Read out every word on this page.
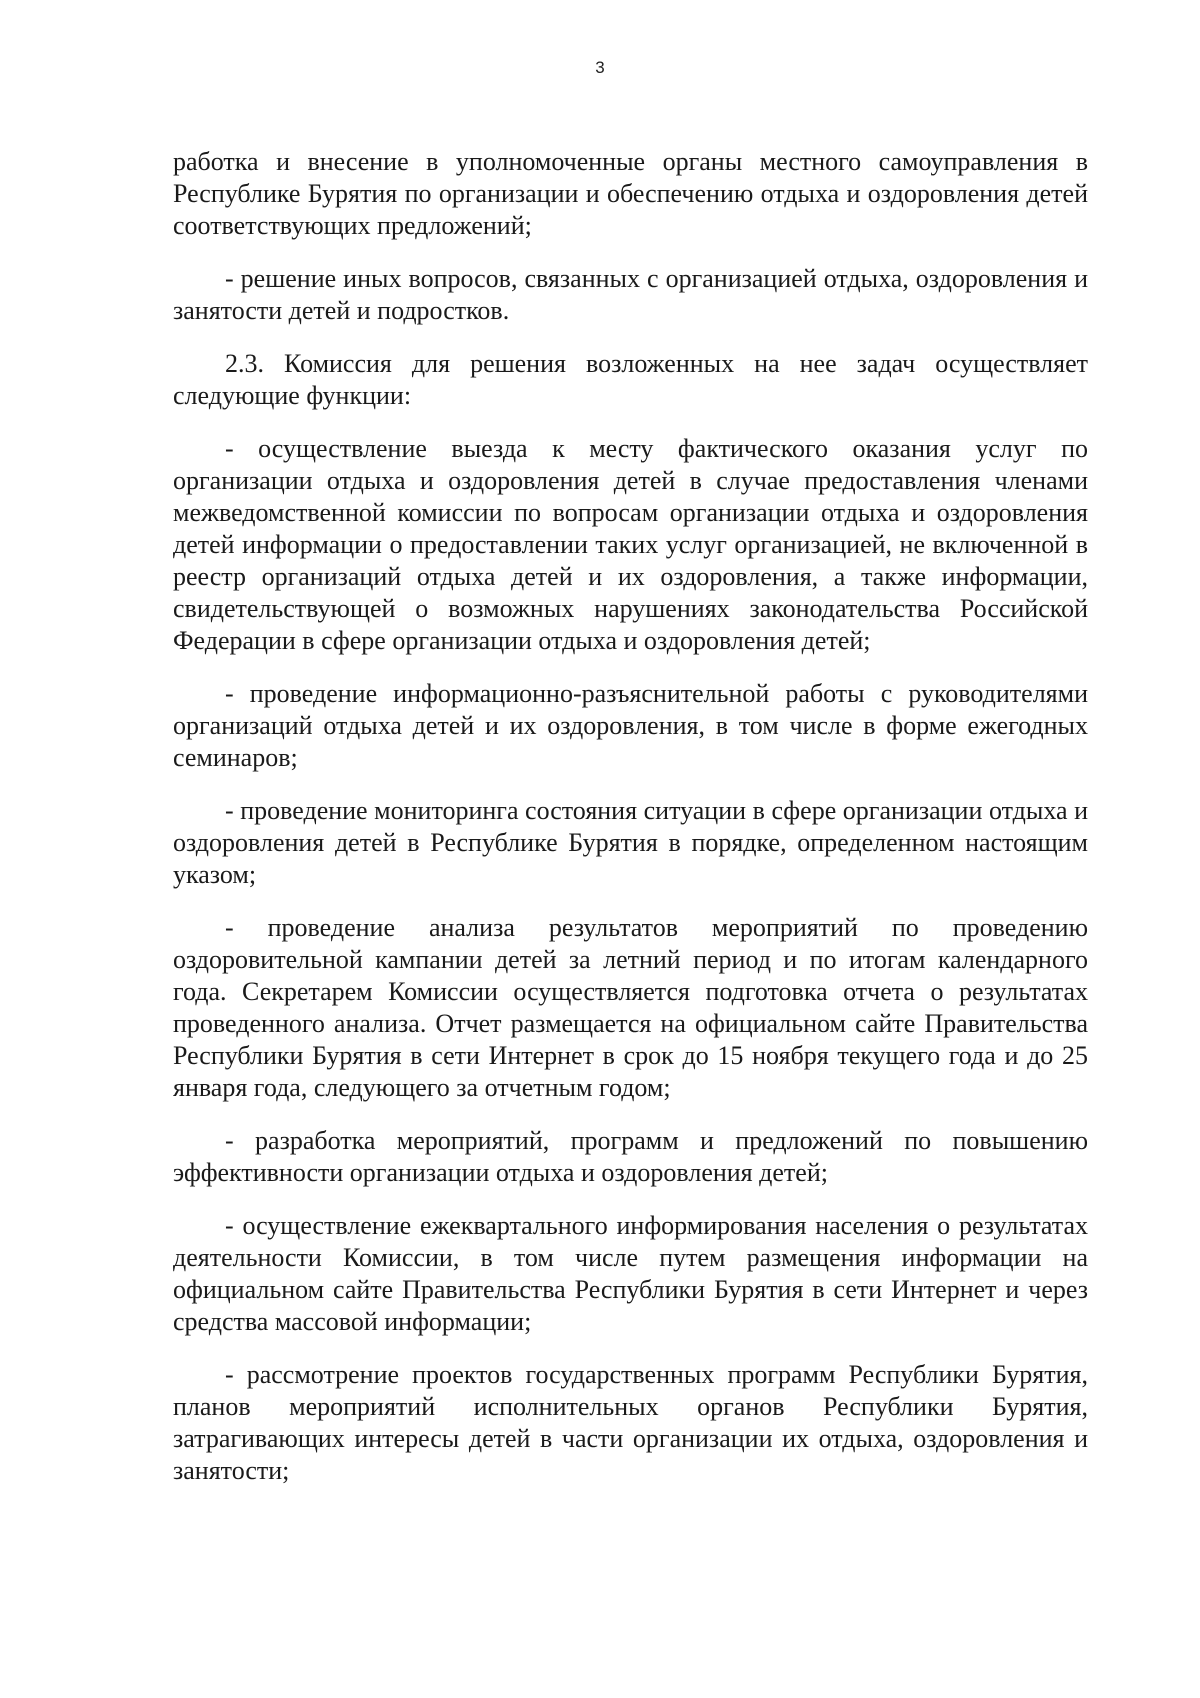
3

работка и внесение в уполномоченные органы местного самоуправления в Республике Бурятия по организации и обеспечению отдыха и оздоровления детей соответствующих предложений;

- решение иных вопросов, связанных с организацией отдыха, оздоровления и занятости детей и подростков.

2.3. Комиссия для решения возложенных на нее задач осуществляет следующие функции:

- осуществление выезда к месту фактического оказания услуг по организации отдыха и оздоровления детей в случае предоставления членами межведомственной комиссии по вопросам организации отдыха и оздоровления детей информации о предоставлении таких услуг организацией, не включенной в реестр организаций отдыха детей и их оздоровления, а также информации, свидетельствующей о возможных нарушениях законодательства Российской Федерации в сфере организации отдыха и оздоровления детей;

- проведение информационно-разъяснительной работы с руководителями организаций отдыха детей и их оздоровления, в том числе в форме ежегодных семинаров;

- проведение мониторинга состояния ситуации в сфере организации отдыха и оздоровления детей в Республике Бурятия в порядке, определенном настоящим указом;

- проведение анализа результатов мероприятий по проведению оздоровительной кампании детей за летний период и по итогам календарного года. Секретарем Комиссии осуществляется подготовка отчета о результатах проведенного анализа. Отчет размещается на официальном сайте Правительства Республики Бурятия в сети Интернет в срок до 15 ноября текущего года и до 25 января года, следующего за отчетным годом;

- разработка мероприятий, программ и предложений по повышению эффективности организации отдыха и оздоровления детей;

- осуществление ежеквартального информирования населения о результатах деятельности Комиссии, в том числе путем размещения информации на официальном сайте Правительства Республики Бурятия в сети Интернет и через средства массовой информации;

- рассмотрение проектов государственных программ Республики Бурятия, планов мероприятий исполнительных органов Республики Бурятия, затрагивающих интересы детей в части организации их отдыха, оздоровления и занятости;
